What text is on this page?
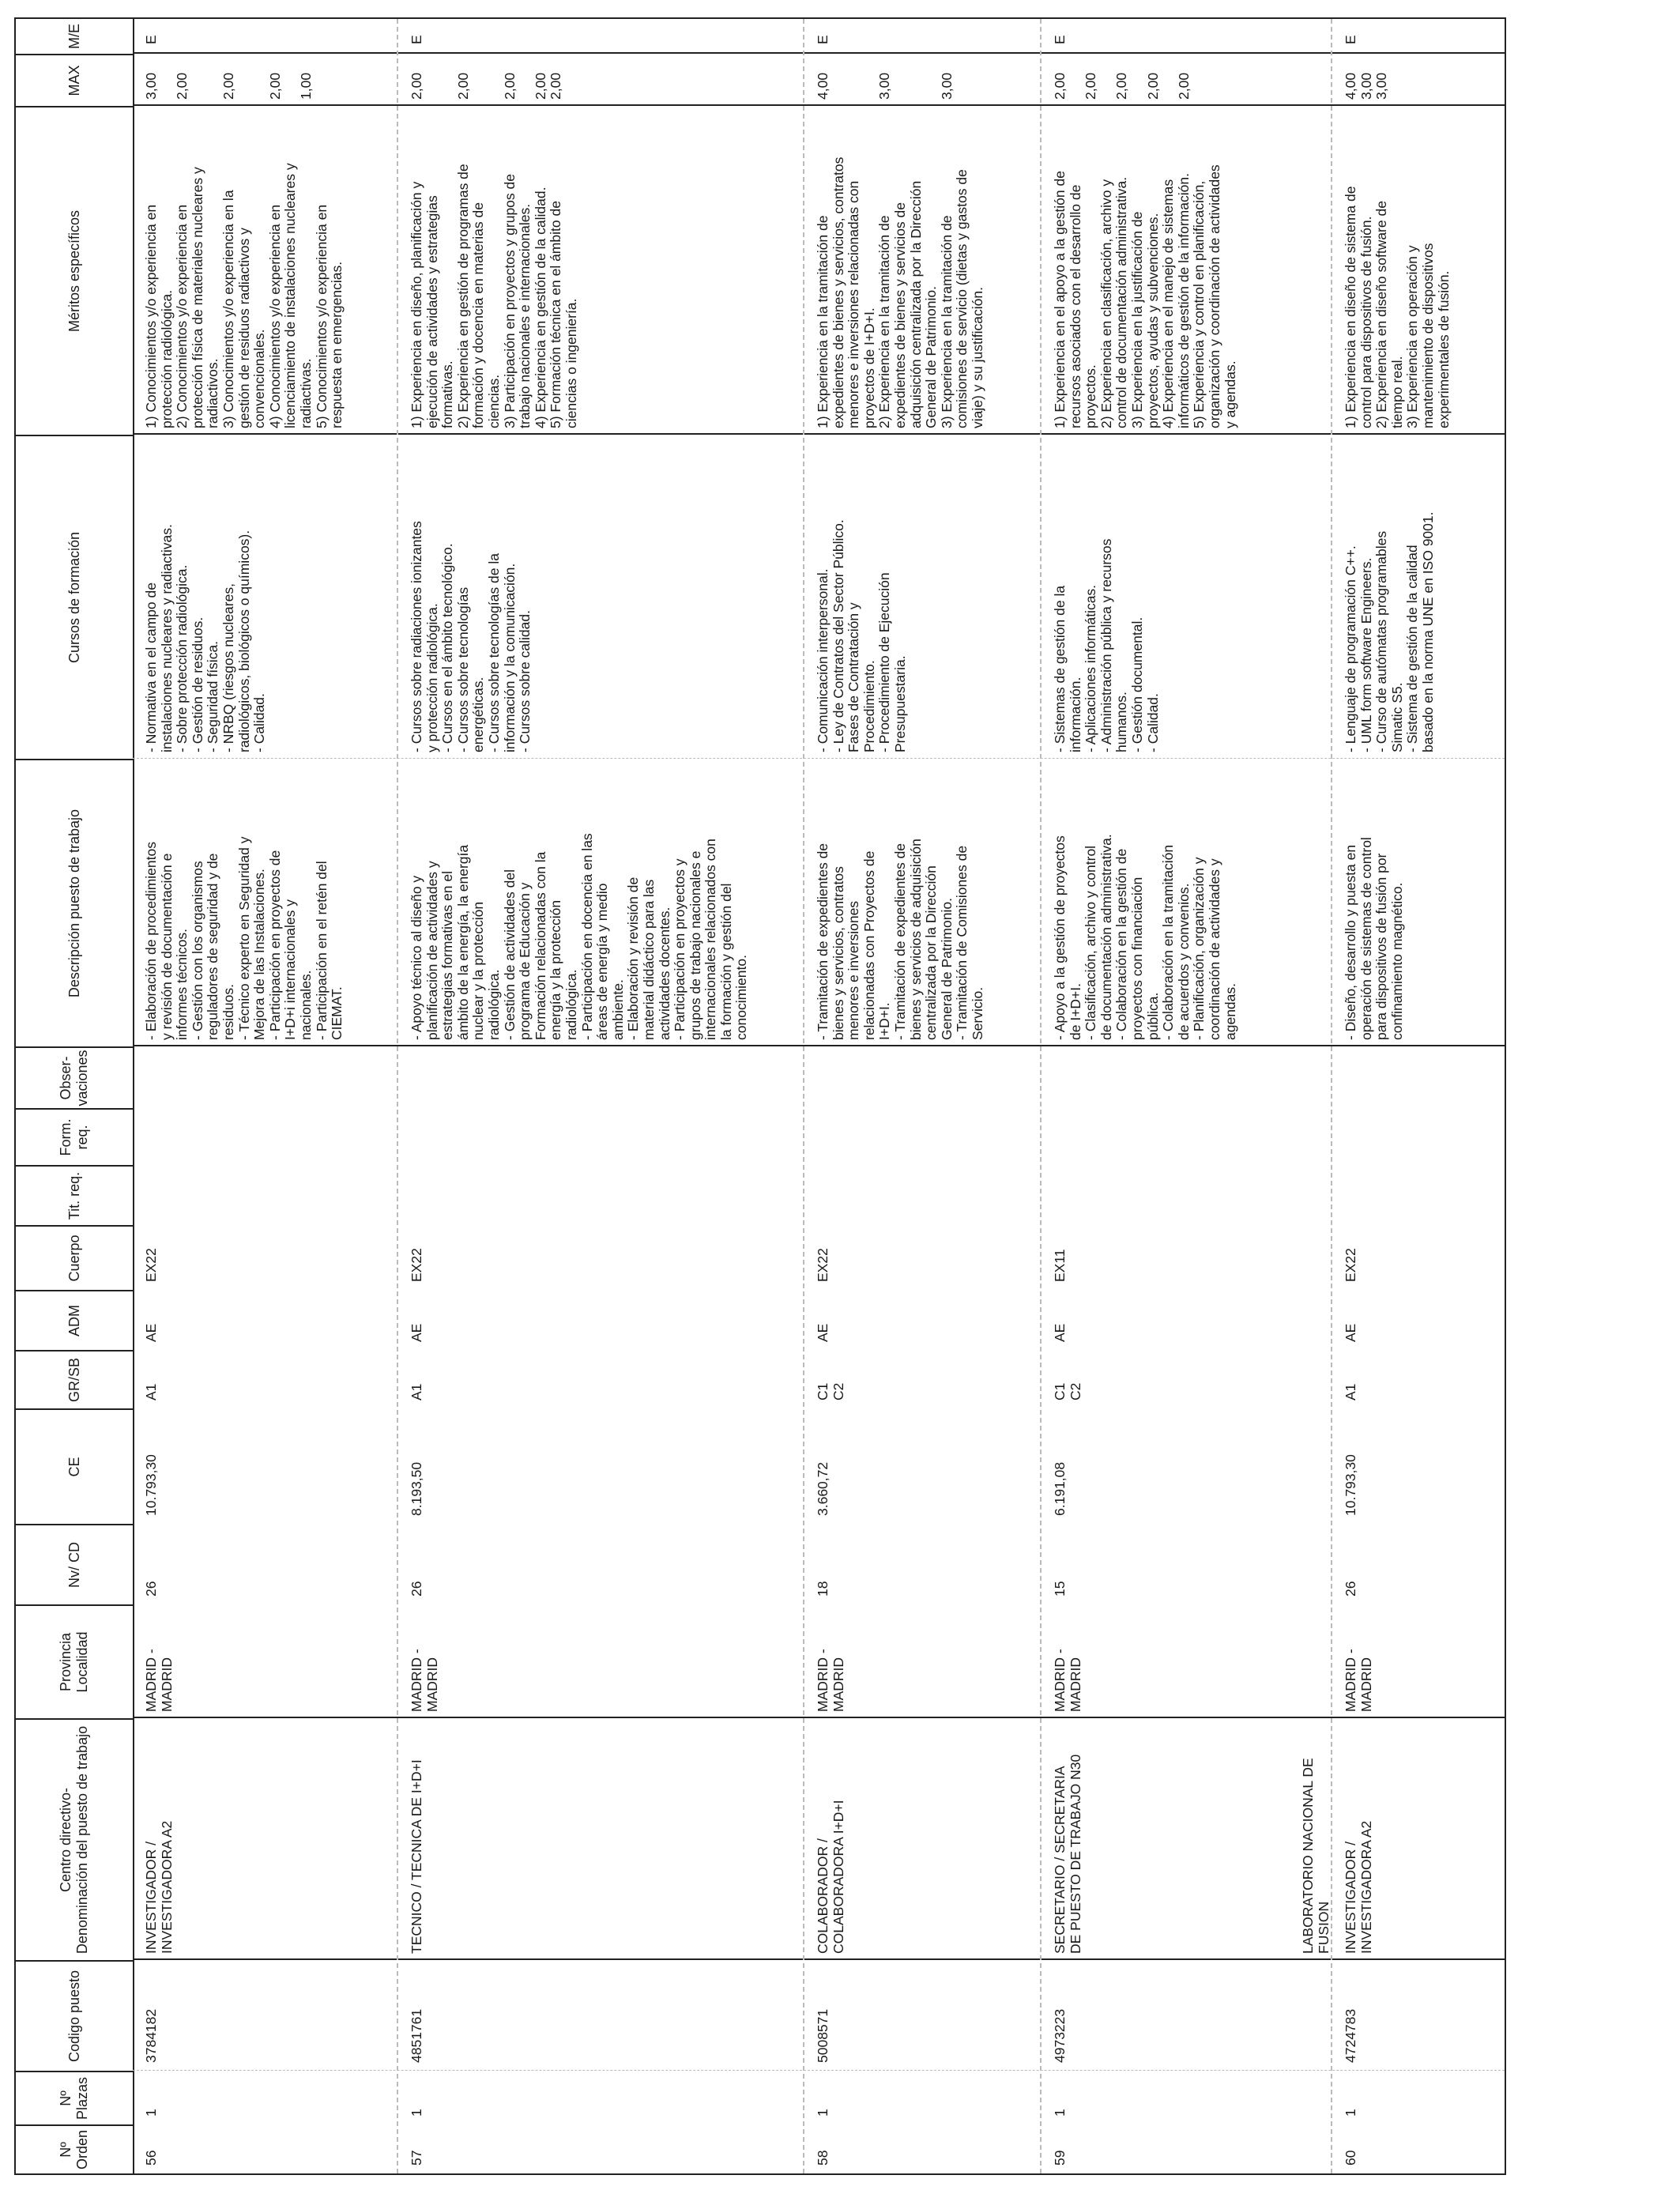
Nº Orden
Nº Plazas
Codigo puesto
Centro directivo-
Denominación del puesto de trabajo
Provincia Localidad
Nv/ CD
CE
GR/SB
ADM
Cuerpo
Tit. req.
Form. req.
Obser-
vaciones
Descripción puesto de trabajo
Cursos de formación
Méritos específicos
MAX
M/E
56
1
3784182
INVESTIGADOR /
INVESTIGADORA A2
MADRID -
MADRID
26
10.793,30
A1
AE
EX22
- Elaboración de procedimientos
y revisión de documentación e
informes técnicos.
- Gestión con los organismos
reguladores de seguridad y de
residuos.
- Técnico experto en Seguridad y
Mejora de las Instalaciones.
- Participación en proyectos de
I+D+i internacionales y
nacionales.
- Participación en el retén del
CIEMAT.
- Normativa en el campo de
instalaciones nucleares y radiactivas.
- Sobre protección radiológica.
- Gestión de residuos.
- Seguridad física.
- NRBQ (riesgos nucleares,
radiológicos, biológicos o químicos).
- Calidad.
1) Conocimientos y/o experiencia en
protección radiológica.
2) Conocimientos y/o experiencia en
protección física de materiales nucleares y
radiactivos.
3) Conocimientos y/o experiencia en la
gestión de residuos radiactivos y
convencionales.
4) Conocimientos y/o experiencia en
licenciamiento de instalaciones nucleares y
radiactivas.
5) Conocimientos y/o experiencia en
respuesta en emergencias.
3,00

2,00

2,00

2,00

1,00
E
57
1
4851761
TECNICO / TECNICA DE I+D+I
MADRID -
MADRID
26
8.193,50
A1
AE
EX22
- Apoyo técnico al diseño y
planificación de actividades y
estrategias formativas en el
ámbito de la energía, la energía
nuclear y la protección
radiológica.
- Gestión de actividades del
programa de Educación y
Formación relacionadas con la
energía y la protección
radiológica.
- Participación en docencia en las
áreas de energía y medio
ambiente.
- Elaboración y revisión de
material didáctico para las
actividades docentes.
- Participación en proyectos y
grupos de trabajo nacionales e
internacionales relacionados con
la formación y gestión del
conocimiento.
- Cursos sobre radiaciones ionizantes
y protección radiológica.
- Cursos en el ámbito tecnológico.
- Cursos sobre tecnologías
energéticas.
- Cursos sobre tecnologías de la
información y la comunicación.
- Cursos sobre calidad.
1) Experiencia en diseño, planificación y
ejecución de actividades y estrategias
formativas.
2) Experiencia en gestión de programas de
formación y docencia en materias de
ciencias.
3) Participación en proyectos y grupos de
trabajo nacionales e internacionales.
4) Experiencia en gestión de la calidad.
5) Formación técnica en el ámbito de
ciencias o ingeniería.
2,00

2,00

2,00

2,00
2,00
E
58
1
5008571
COLABORADOR /
COLABORADORA I+D+I
MADRID -
MADRID
18
3.660,72
C1
C2
AE
EX22
- Tramitación de expedientes de
bienes y servicios, contratos
menores e inversiones
relacionadas con Proyectos de
I+D+I.
- Tramitación de expedientes de
bienes y servicios de adquisición
centralizada por la Dirección
General de Patrimonio.
- Tramitación de Comisiones de
Servicio.
- Comunicación interpersonal.
- Ley de Contratos del Sector Público.
Fases de Contratación y
Procedimiento.
- Procedimiento de Ejecución
Presupuestaria.
1) Experiencia en la tramitación de
expedientes de bienes y servicios, contratos
menores e inversiones relacionadas con
proyectos de I+D+I.
2) Experiencia en la tramitación de
expedientes de bienes y servicios de
adquisición centralizada por la Dirección
General de Patrimonio.
3) Experiencia en la tramitación de
comisiones de servicio (dietas y gastos de
viaje) y su justificación.
4,00

3,00

3,00
E
59
1
4973223
SECRETARIO / SECRETARIA
DE PUESTO DE TRABAJO N30
MADRID -
MADRID
15
6.191,08
C1
C2
AE
EX11
- Apoyo a la gestión de proyectos
de I+D+I.
- Clasificación, archivo y control
de documentación administrativa.
- Colaboración en la gestión de
proyectos con financiación
pública.
- Colaboración en la tramitación
de acuerdos y convenios.
- Planificación, organización y
coordinación de actividades y
agendas.
- Sistemas de gestión de la
información.
- Aplicaciones informáticas.
- Administración pública y recursos
humanos.
- Gestión documental.
- Calidad.
1) Experiencia en el apoyo a la gestión de
recursos asociados con el desarrollo de
proyectos.
2) Experiencia en clasificación, archivo y
control de documentación administrativa.
3) Experiencia en la justificación de
proyectos, ayudas y subvenciones.
4) Experiencia en el manejo de sistemas
informáticos de gestión de la información.
5) Experiencia y control en planificación,
organización y coordinación de actividades
y agendas.
2,00

2,00

2,00

2,00

2,00
E
LABORATORIO NACIONAL DE
FUSION
60
1
4724783
INVESTIGADOR /
INVESTIGADORA A2
MADRID -
MADRID
26
10.793,30
A1
AE
EX22
- Diseño, desarrollo y puesta en
operación de sistemas de control
para dispositivos de fusión por
confinamiento magnético.
- Lenguaje de programación C++.
- UML form software Engineers.
- Curso de autómatas programables
Simatic S5.
- Sistema de gestión de la calidad
basado en la norma UNE en ISO 9001.
1) Experiencia en diseño de sistema de
control para dispositivos de fusión.
2) Experiencia en diseño software de
tiempo real.
3) Experiencia en operación y
mantenimiento de dispositivos
experimentales de fusión.
4,00
3,00
3,00
E
